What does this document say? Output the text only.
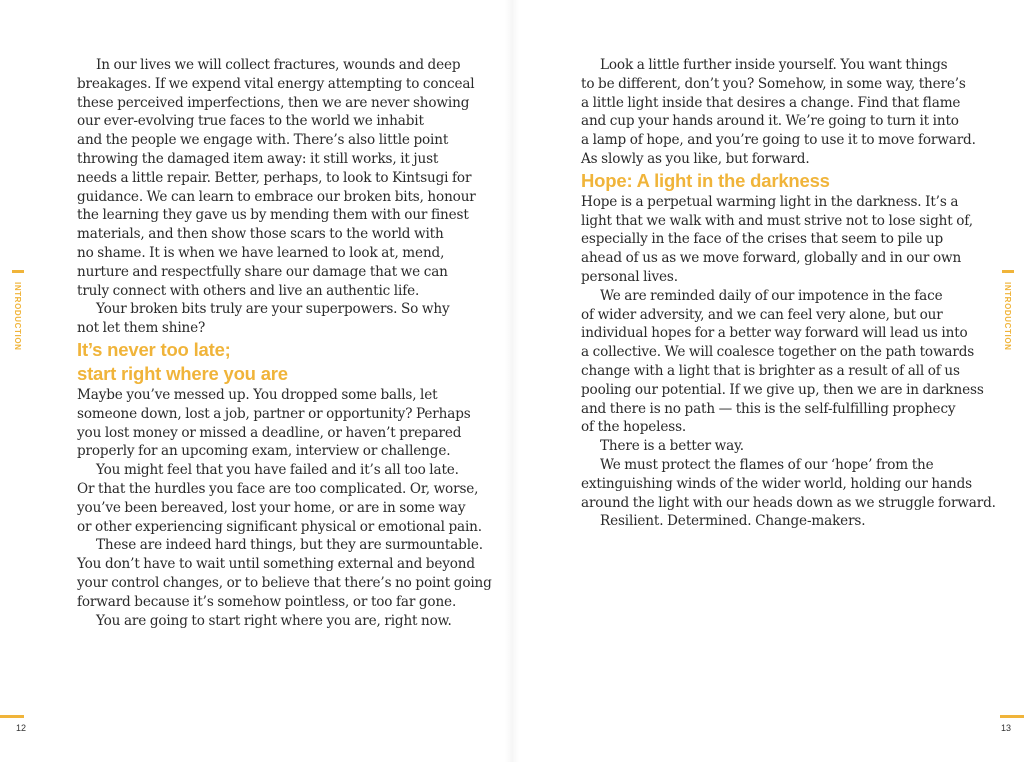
INTRODUCTION

In our lives we will collect fractures, wounds and deep
breakages. If we expend vital energy attempting to conceal
these perceived imperfections, then we are never showing
our ever-evolving true faces to the world we inhabit
and the people we engage with. There’s also little point
throwing the damaged item away: it still works, it just
needs a little repair. Better, perhaps, to look to Kintsugi for
guidance. We can learn to embrace our broken bits, honour
the learning they gave us by mending them with our finest
materials, and then show those scars to the world with
no shame. It is when we have learned to look at, mend,
nurture and respectfully share our damage that we can
truly connect with others and live an authentic life.

Your broken bits truly are your superpowers. So why
not let them shine?

It’s never too late;
start right where you are

Maybe you’ve messed up. You dropped some balls, let
someone down, lost a job, partner or opportunity? Perhaps
you lost money or missed a deadline, or haven’t prepared
properly for an upcoming exam, interview or challenge.

You might feel that you have failed and it’s all too late.
Or that the hurdles you face are too complicated. Or, worse,
you’ve been bereaved, lost your home, or are in some way
or other experiencing significant physical or emotional pain.

These are indeed hard things, but they are surmountable.
You don’t have to wait until something external and beyond
your control changes, or to believe that there’s no point going
forward because it’s somehow pointless, or too far gone.

You are going to start right where you are, right now.

12

Look a little further inside yourself. You want things
to be different, don’t you? Somehow, in some way, there’s
a little light inside that desires a change. Find that flame
and cup your hands around it. We’re going to turn it into
a lamp of hope, and you’re going to use it to move forward.
As slowly as you like, but forward.

Hope: A light in the darkness

Hope is a perpetual warming light in the darkness. It’s a
light that we walk with and must strive not to lose sight of,
especially in the face of the crises that seem to pile up
ahead of us as we move forward, globally and in our own
personal lives.

We are reminded daily of our impotence in the face
of wider adversity, and we can feel very alone, but our
individual hopes for a better way forward will lead us into
a collective. We will coalesce together on the path towards
change with a light that is brighter as a result of all of us
pooling our potential. If we give up, then we are in darkness
and there is no path — this is the self-fulfilling prophecy
of the hopeless.

There is a better way.

We must protect the flames of our ‘hope’ from the
extinguishing winds of the wider world, holding our hands
around the light with our heads down as we struggle forward.

Resilient. Determined. Change-makers.

INTRODUCTION
13
